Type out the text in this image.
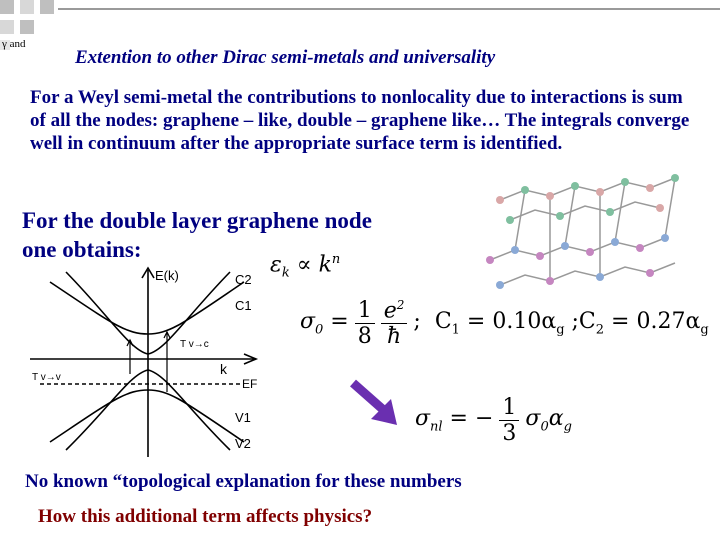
γ and
Extention to other Dirac semi-metals and universality
For a Weyl semi-metal the contributions to nonlocality due to interactions is sum of all the nodes: graphene – like, double – graphene like… The integrals converge well in continuum after the appropriate surface term is identified.
For the double layer graphene node
one obtains:
$\varepsilon_k \propto k^n$
E(k)
k
C2
C1
T v→c
T v→v	EF
V1
V2
$\sigma_0 = \frac{1}{8} e^2$
ħ
;  $C_1 = 0.10\alpha_g$ $;C_2 = 0.27\alpha_g$
$\sigma_{nl}$ = − $\frac{1}{3} \sigma_0\alpha_g$
No known “topological explanation for these numbers
How this additional term affects physics?
